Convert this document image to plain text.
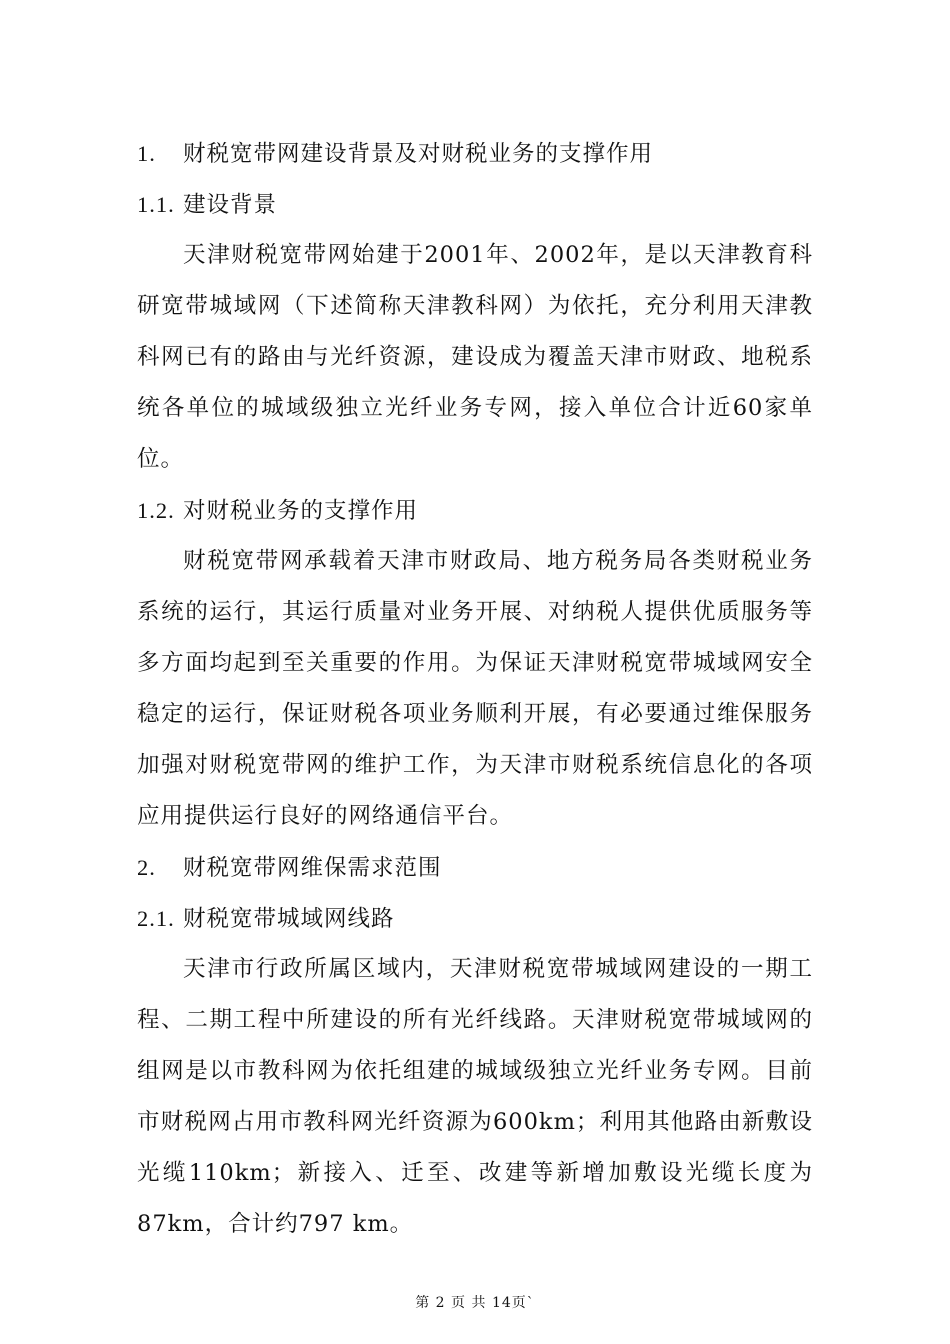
1. 财税宽带网建设背景及对财税业务的支撑作用
1.1. 建设背景

天津财税宽带网始建于2001年、2002年，是以天津教育科研宽带城域网（下述简称天津教科网）为依托，充分利用天津教科网已有的路由与光纤资源，建设成为覆盖天津市财政、地税系统各单位的城域级独立光纤业务专网，接入单位合计近60家单位。

1.2. 对财税业务的支撑作用

财税宽带网承载着天津市财政局、地方税务局各类财税业务系统的运行，其运行质量对业务开展、对纳税人提供优质服务等多方面均起到至关重要的作用。为保证天津财税宽带城域网安全稳定的运行，保证财税各项业务顺利开展，有必要通过维保服务加强对财税宽带网的维护工作，为天津市财税系统信息化的各项应用提供运行良好的网络通信平台。

2. 财税宽带网维保需求范围
2.1. 财税宽带城域网线路

天津市行政所属区域内，天津财税宽带城域网建设的一期工程、二期工程中所建设的所有光纤线路。天津财税宽带城域网的组网是以市教科网为依托组建的城域级独立光纤业务专网。目前市财税网占用市教科网光纤资源为600km；利用其他路由新敷设光缆110km；新接入、迁至、改建等新增加敷设光缆长度为87km，合计约797 km。

第 2 页 共 14页`
